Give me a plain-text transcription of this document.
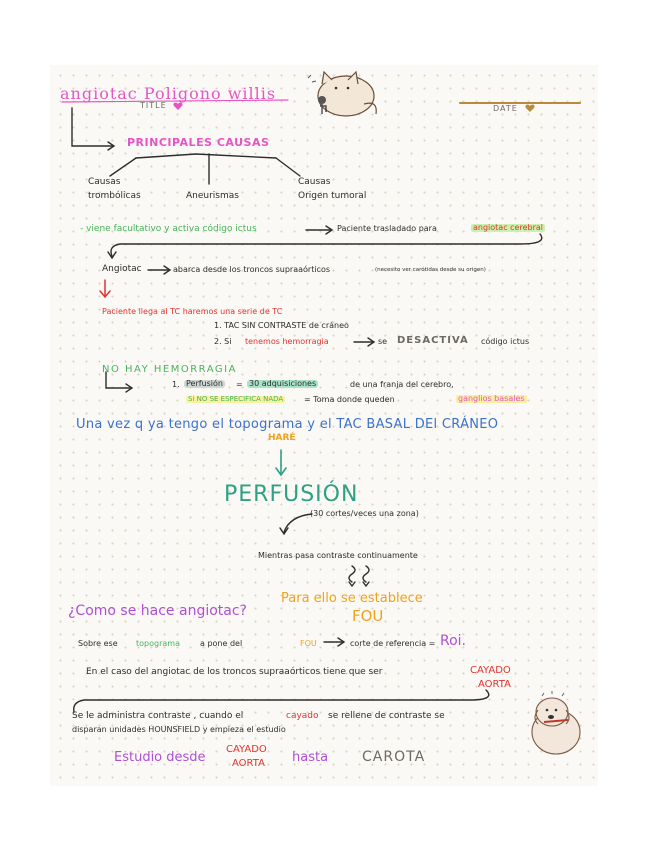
angiotac Poligono willis
TITLE	DATE
PRINCIPALES CAUSAS
Causas
trombólicas	Aneurismas
Causas
Origen tumoral
- viene facultativo y activa código ictus	Paciente trasladado para	angiotac cerebral
Angiotac	abarca desde los troncos supraaórticos	(necesito ver carótidas desde su origen)
Paciente llega al TC haremos una serie de TC
1. TAC SIN CONTRASTE de cráneo
2. Si tenemos hemorragia	se DESACTIVA código ictus
NO HAY HEMORRAGIA
1. Perfusión = 30 adquisiciones	de una franja del cerebro,
Si NO SE ESPECIFICA NADA	= Toma donde queden	ganglios basales
Una vez q ya tengo el topograma y el TAC BASAL DEl CRÁNEO
HARÉ
PERFUSIÓN
(30 cortes/veces una zona)
Mientras pasa contraste continuamente
Para ello se establece
FOU
¿Como se hace angiotac?
Sobre ese topograma	a pone del	FOU	corte de referencia = Roi.
En el caso del angiotac de los troncos supraaórticos tiene que ser	CAYADO
AORTA
Se le administra contraste , cuando el	cayado se rellene de contraste se
disparan unidades HOUNSFIELD y empieza el estudio
Estudio desde
CAYADO
AORTA hasta CAROTA
